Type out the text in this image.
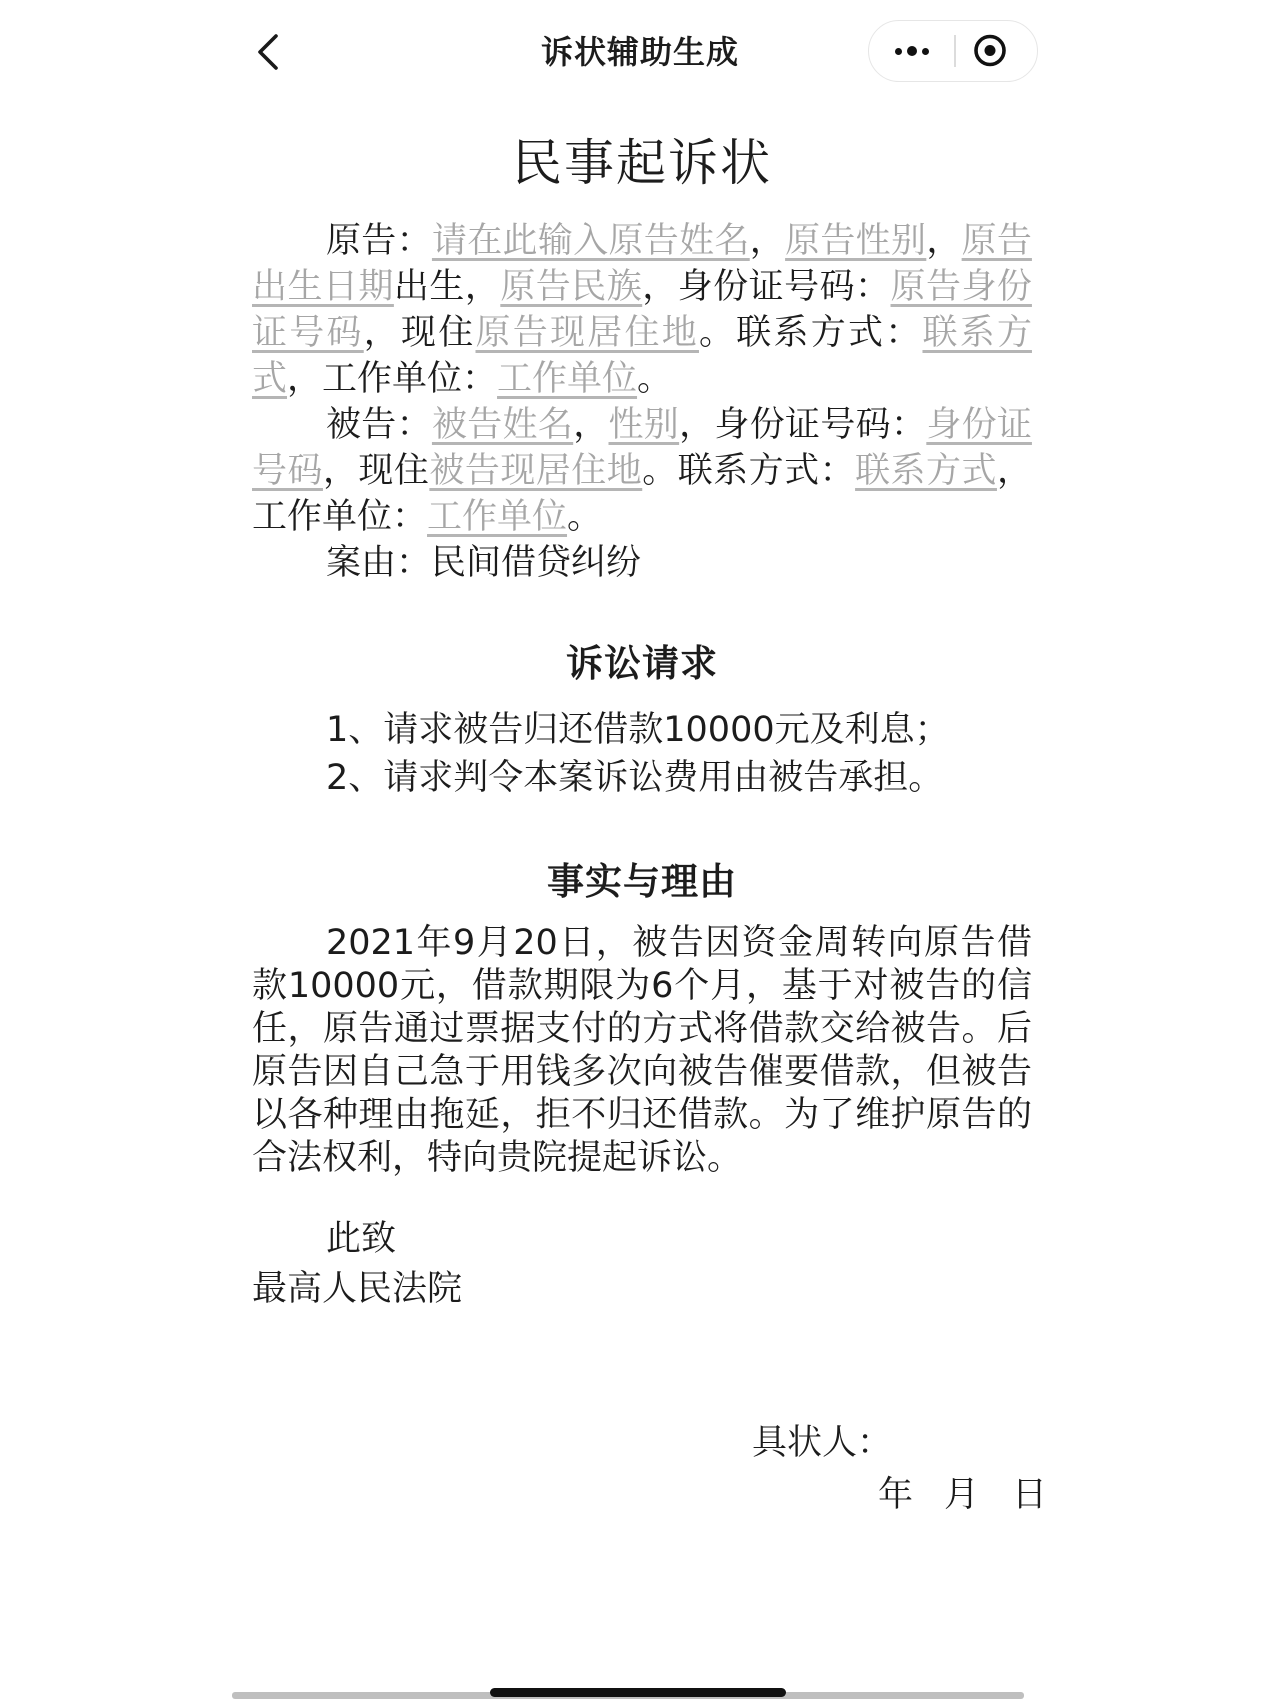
诉状辅助生成
民事起诉状

原告：请在此输入原告姓名，原告性别，原告出生日期出生，原告民族，身份证号码：原告身份证号码，现住原告现居住地。联系方式：联系方式，工作单位：工作单位。

被告：被告姓名，性别，身份证号码：身份证号码，现住被告现居住地。联系方式：联系方式，工作单位：工作单位。

案由：民间借贷纠纷

诉讼请求
1、请求被告归还借款10000元及利息；
2、请求判令本案诉讼费用由被告承担。
事实与理由

2021年9月20日，被告因资金周转向原告借款10000元，借款期限为6个月，基于对被告的信任，原告通过票据支付的方式将借款交给被告。后原告因自己急于用钱多次向被告催要借款，但被告以各种理由拖延，拒不归还借款。为了维护原告的合法权利，特向贵院提起诉讼。

此致
最高人民法院
具状人：
年 月 日
